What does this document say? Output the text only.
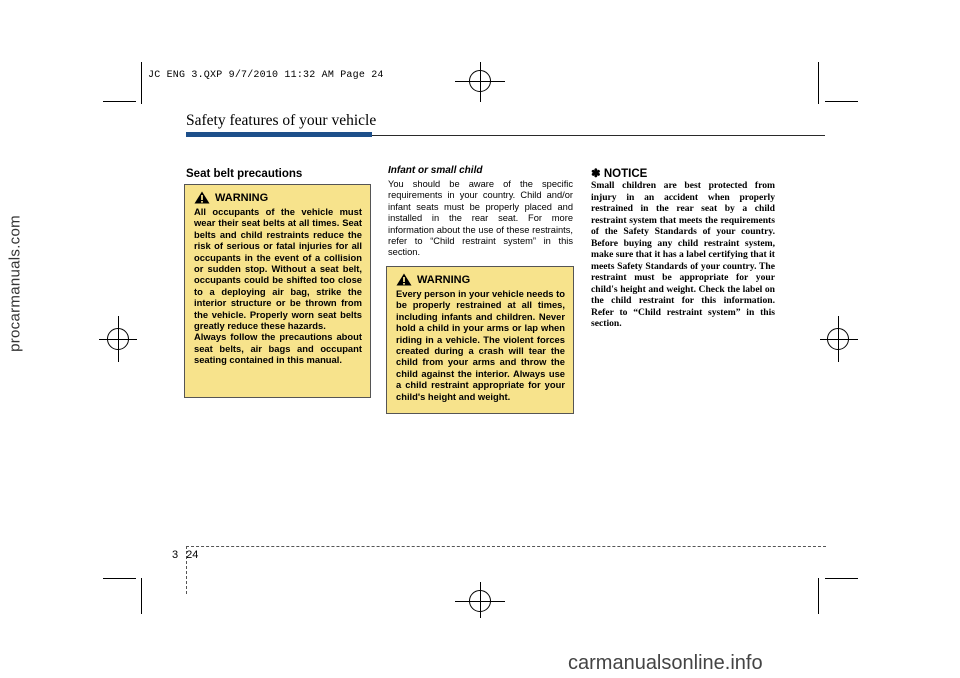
JC ENG 3.QXP 9/7/2010 11:32 AM Page 24
procarmanuals.com
carmanualsonline.info
Safety features of your vehicle
Seat belt precautions
WARNING

All occupants of the vehicle must wear their seat belts at all times. Seat belts and child restraints reduce the risk of serious or fatal injuries for all occupants in the event of a collision or sudden stop. Without a seat belt, occupants could be shifted too close to a deploying air bag, strike the interior structure or be thrown from the vehicle. Properly worn seat belts greatly reduce these hazards.

Always follow the precautions about seat belts, air bags and occupant seating contained in this manual.

Infant or small child
You should be aware of the specific requirements in your country. Child and/or infant seats must be properly placed and installed in the rear seat. For more information about the use of these restraints, refer to “Child restraint system” in this section.
WARNING
Every person in your vehicle needs to be properly restrained at all times, including infants and children. Never hold a child in your arms or lap when riding in a vehicle. The violent forces created during a crash will tear the child from your arms and throw the child against the interior. Always use a child restraint appropriate for your child's height and weight.
✽ NOTICE
Small children are best protected from injury in an accident when properly restrained in the rear seat by a child restraint system that meets the requirements of the Safety Standards of your country. Before buying any child restraint system, make sure that it has a label certifying that it meets Safety Standards of your country. The restraint must be appropriate for your child's height and weight. Check the label on the child restraint for this information. Refer to “Child restraint system” in this section.
3 24
